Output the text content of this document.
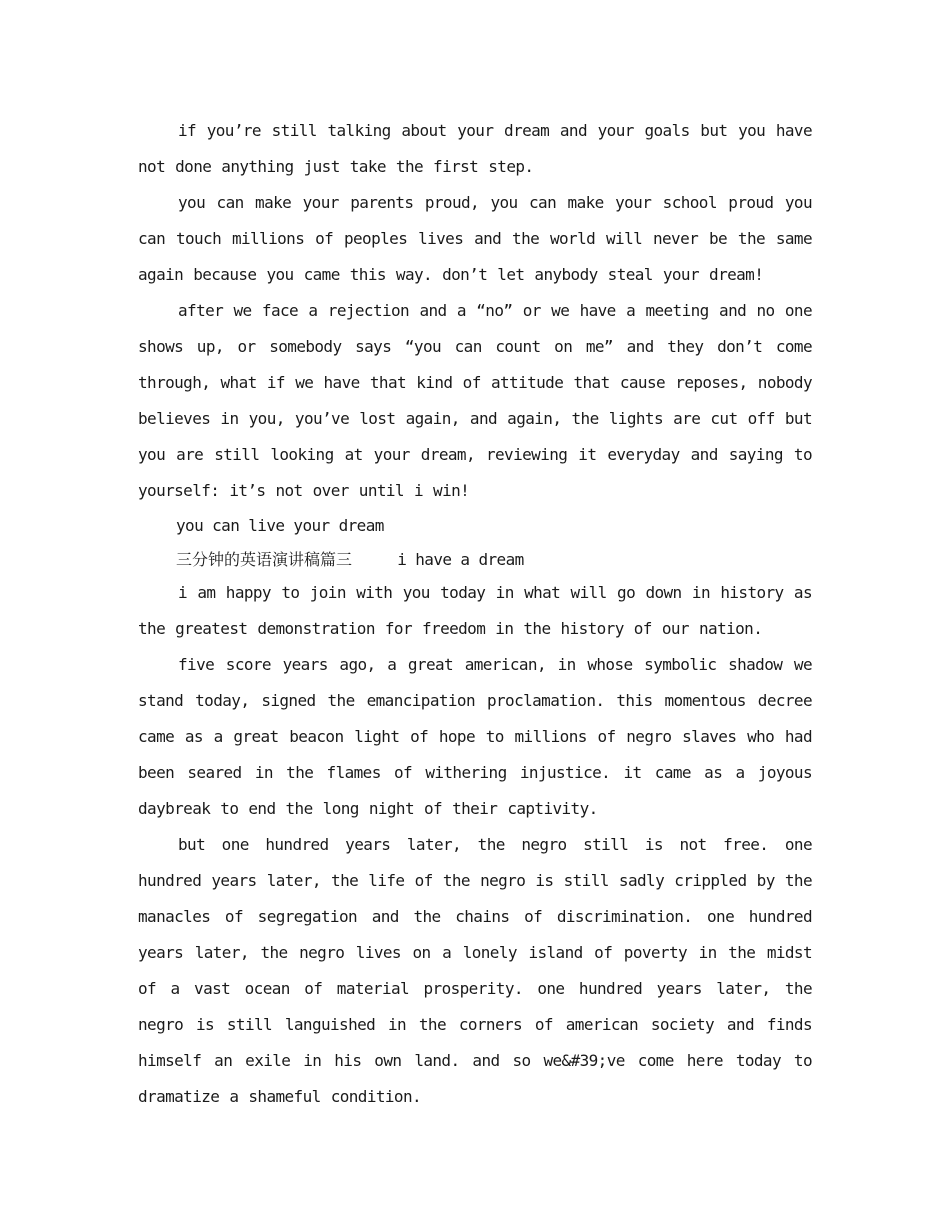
if you’re still talking about your dream and your goals but you have not done anything just take the first step.

you can make your parents proud, you can make your school proud you can touch millions of peoples lives and the world will never be the same again because you came this way. don’t let anybody steal your dream!

after we face a rejection and a “no” or we have a meeting and no one shows up, or somebody says “you can count on me” and they don’t come through, what if we have that kind of attitude that cause reposes, nobody believes in you, you’ve lost again, and again, the lights are cut off but you are still looking at your dream, reviewing it everyday and saying to yourself: it’s not over until i win!

you can live your dream

三分钟的英语演讲稿篇三	i have a dream

i am happy to join with you today in what will go down in history as the greatest demonstration for freedom in the history of our nation.

five score years ago, a great american, in whose symbolic shadow we stand today, signed the emancipation proclamation. this momentous decree came as a great beacon light of hope to millions of negro slaves who had been seared in the flames of withering injustice. it came as a joyous daybreak to end the long night of their captivity.

but one hundred years later, the negro still is not free. one hundred years later, the life of the negro is still sadly crippled by the manacles of segregation and the chains of discrimination. one hundred years later, the negro lives on a lonely island of poverty in the midst of a vast ocean of material prosperity. one hundred years later, the negro is still languished in the corners of american society and finds himself an exile in his own land. and so we&#39;ve come here today to dramatize a shameful condition.
